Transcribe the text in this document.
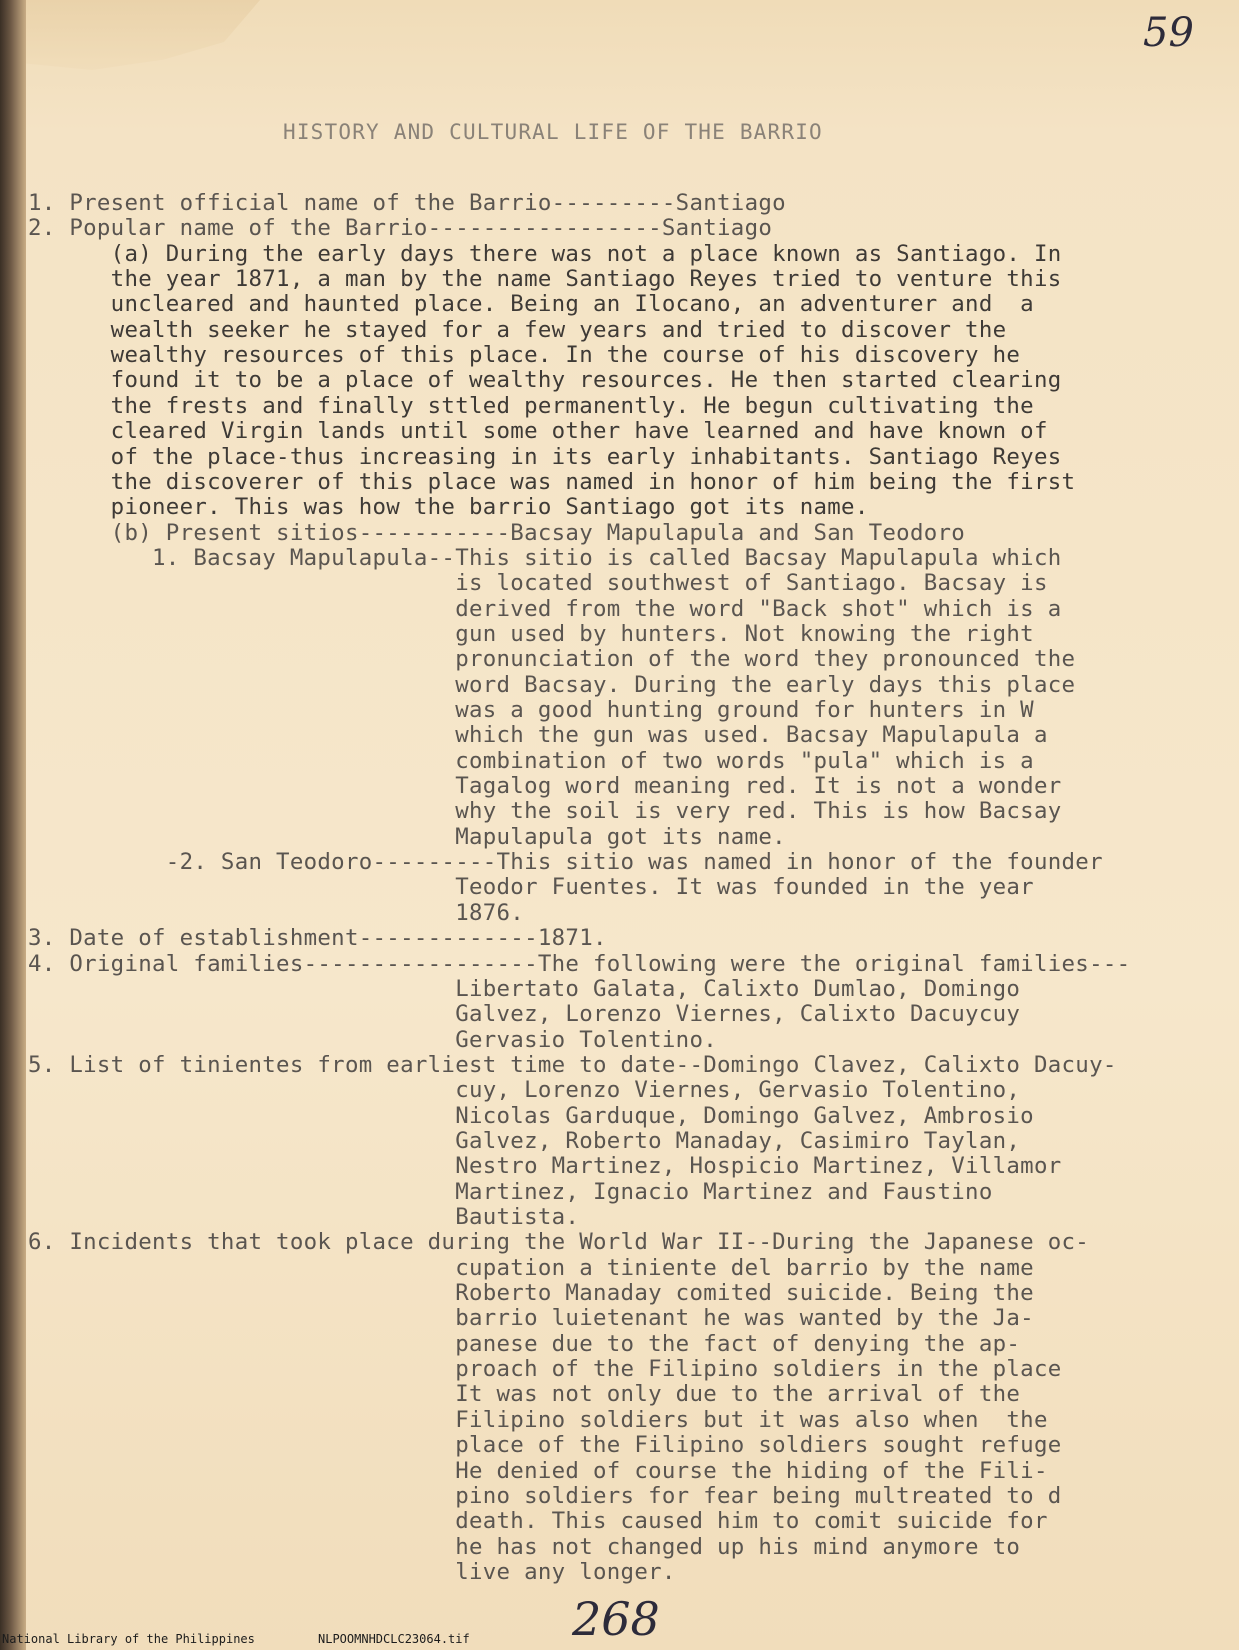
59

HISTORY AND CULTURAL LIFE OF THE BARRIO

1. Present official name of the Barrio---------Santiago

2. Popular name of the Barrio-----------------Santiago

(a) During the early days there was not a place known as Santiago. In

the year 1871, a man by the name Santiago Reyes tried to venture this

uncleared and haunted place. Being an Ilocano, an adventurer and  a

wealth seeker he stayed for a few years and tried to discover the

wealthy resources of this place. In the course of his discovery he

found it to be a place of wealthy resources. He then started clearing

the frests and finally sttled permanently. He begun cultivating the

cleared Virgin lands until some other have learned and have known of

of the place-thus increasing in its early inhabitants. Santiago Reyes

the discoverer of this place was named in honor of him being the first

pioneer. This was how the barrio Santiago got its name.

(b) Present sitios-----------Bacsay Mapulapula and San Teodoro

1. Bacsay Mapulapula--This sitio is called Bacsay Mapulapula which

is located southwest of Santiago. Bacsay is

derived from the word "Back shot" which is a

gun used by hunters. Not knowing the right

pronunciation of the word they pronounced the

word Bacsay. During the early days this place

was a good hunting ground for hunters in W

which the gun was used. Bacsay Mapulapula a

combination of two words "pula" which is a

Tagalog word meaning red. It is not a wonder

why the soil is very red. This is how Bacsay

Mapulapula got its name.

-2. San Teodoro---------This sitio was named in honor of the founder

Teodor Fuentes. It was founded in the year

1876.

3. Date of establishment-------------1871.

4. Original families-----------------The following were the original families---

Libertato Galata, Calixto Dumlao, Domingo

Galvez, Lorenzo Viernes, Calixto Dacuycuy

Gervasio Tolentino.

5. List of tinientes from earliest time to date--Domingo Clavez, Calixto Dacuy-

cuy, Lorenzo Viernes, Gervasio Tolentino,

Nicolas Garduque, Domingo Galvez, Ambrosio

Galvez, Roberto Manaday, Casimiro Taylan,

Nestro Martinez, Hospicio Martinez, Villamor

Martinez, Ignacio Martinez and Faustino

Bautista.

6. Incidents that took place during the World War II--During the Japanese oc-

cupation a tiniente del barrio by the name

Roberto Manaday comited suicide. Being the

barrio luietenant he was wanted by the Ja-

panese due to the fact of denying the ap-

proach of the Filipino soldiers in the place

It was not only due to the arrival of the

Filipino soldiers but it was also when  the

place of the Filipino soldiers sought refuge

He denied of course the hiding of the Fili-

pino soldiers for fear being multreated to d

death. This caused him to comit suicide for

he has not changed up his mind anymore to

live any longer.

268
National Library of the Philippines	NLPOOMNHDCLC23064.tif
